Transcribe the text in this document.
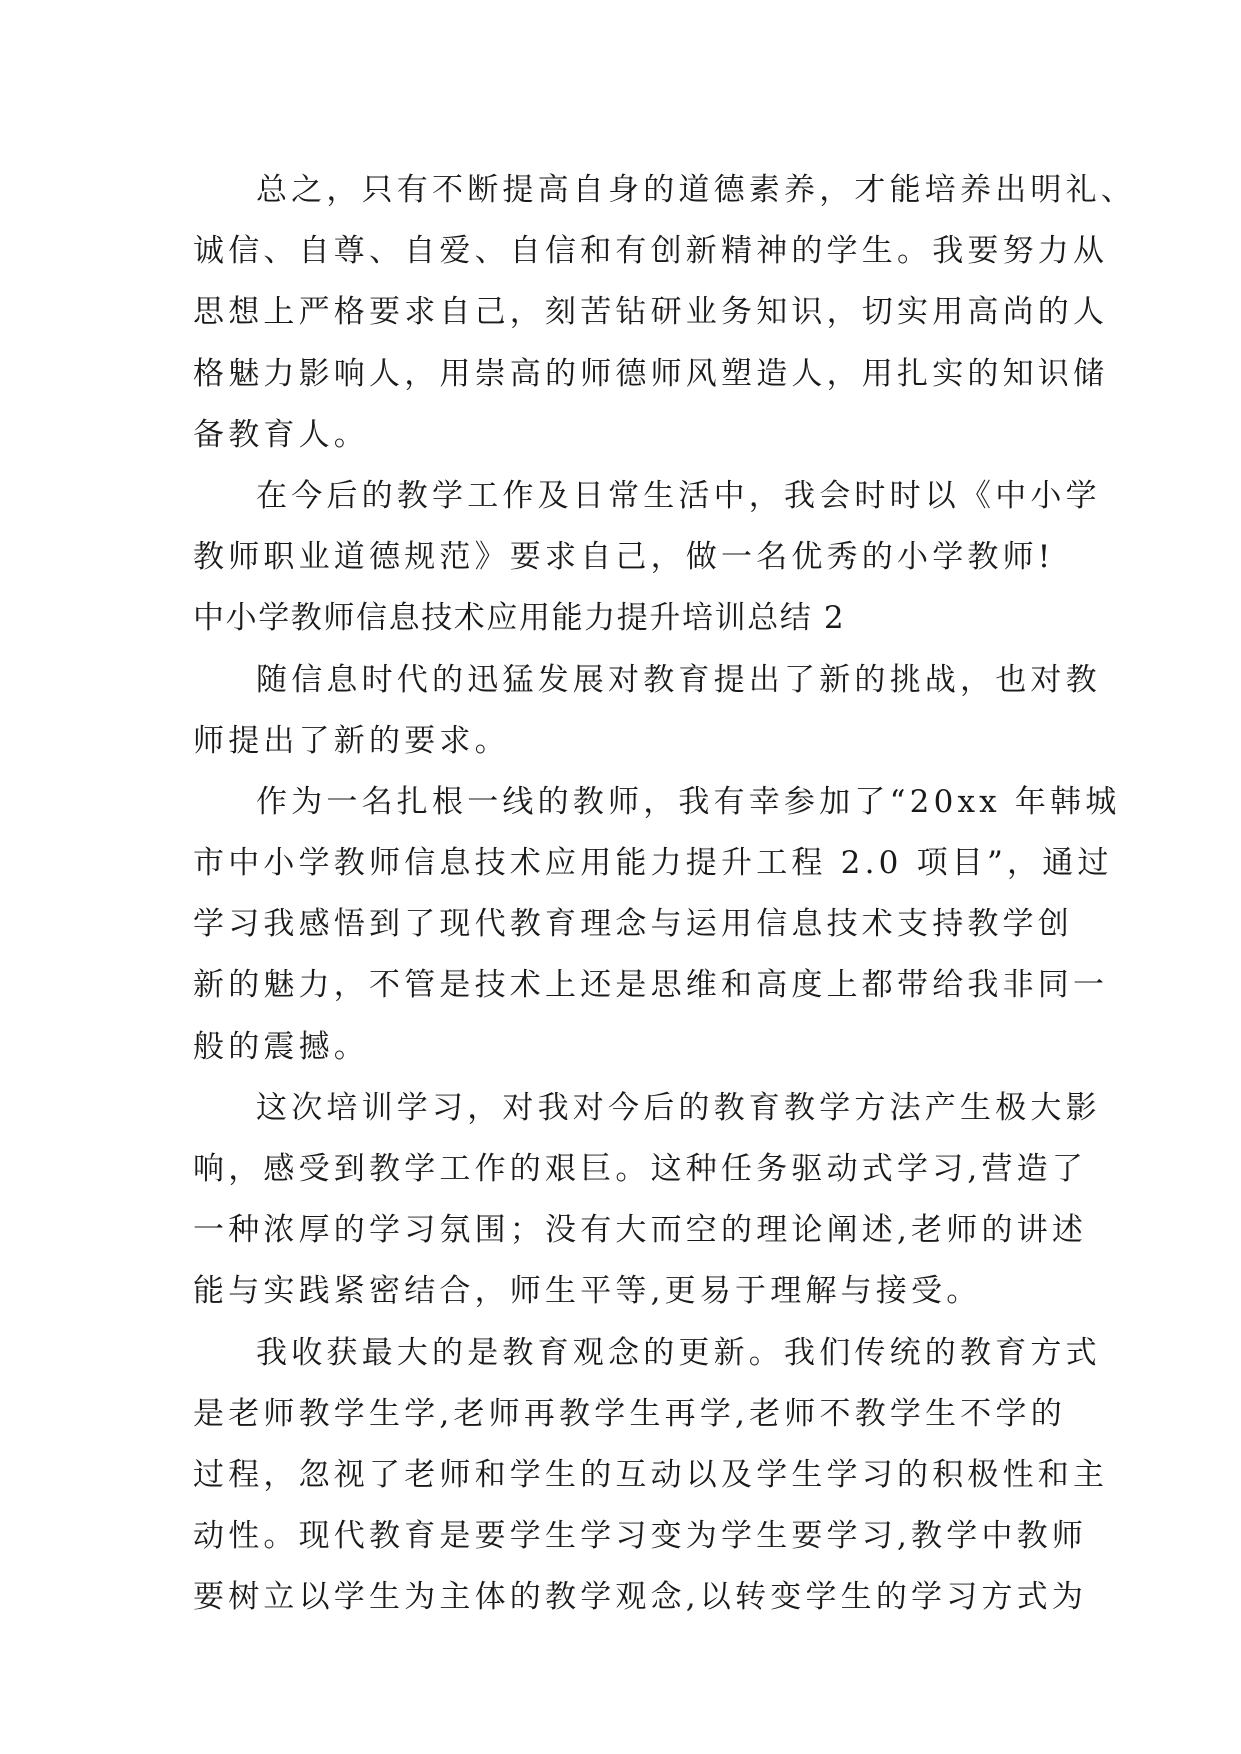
总之，只有不断提高自身的道德素养，才能培养出明礼、
诚信、自尊、自爱、自信和有创新精神的学生。我要努力从
思想上严格要求自己，刻苦钻研业务知识，切实用高尚的人
格魅力影响人，用崇高的师德师风塑造人，用扎实的知识储
备教育人。
在今后的教学工作及日常生活中，我会时时以《中小学
教师职业道德规范》要求自己，做一名优秀的小学教师!
中小学教师信息技术应用能力提升培训总结 2
随信息时代的迅猛发展对教育提出了新的挑战，也对教
师提出了新的要求。
作为一名扎根一线的教师，我有幸参加了“20xx 年韩城
市中小学教师信息技术应用能力提升工程 2.0 项目”，通过
学习我感悟到了现代教育理念与运用信息技术支持教学创
新的魅力，不管是技术上还是思维和高度上都带给我非同一
般的震撼。
这次培训学习，对我对今后的教育教学方法产生极大影
响，感受到教学工作的艰巨。这种任务驱动式学习,营造了
一种浓厚的学习氛围；没有大而空的理论阐述,老师的讲述
能与实践紧密结合，师生平等,更易于理解与接受。
我收获最大的是教育观念的更新。我们传统的教育方式
是老师教学生学,老师再教学生再学,老师不教学生不学的
过程，忽视了老师和学生的互动以及学生学习的积极性和主
动性。现代教育是要学生学习变为学生要学习,教学中教师
要树立以学生为主体的教学观念,以转变学生的学习方式为
